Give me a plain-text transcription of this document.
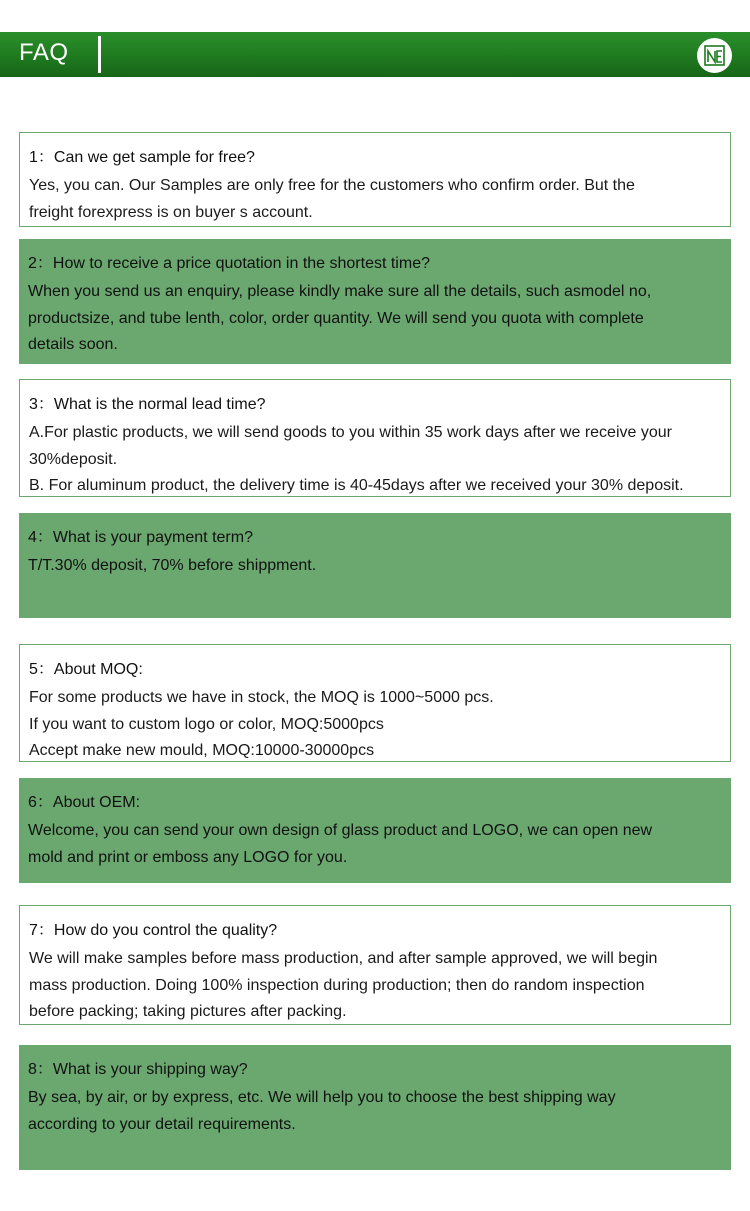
FAQ
1：Can we get sample for free?
Yes, you can. Our Samples are only free for the customers who confirm order. But the
freight forexpress is on buyer s account.
2：How to receive a price quotation in the shortest time?
When you send us an enquiry, please kindly make sure all the details, such asmodel no,
productsize, and tube lenth, color, order quantity. We will send you quota with complete
details soon.
3：What is the normal lead time?
A.For plastic products, we will send goods to you within 35 work days after we receive your
30%deposit.
B. For aluminum product, the delivery time is 40-45days after we received your 30% deposit.
4：What is your payment term?
T/T.30% deposit, 70% before shippment.
5：About MOQ:
For some products we have in stock, the MOQ is 1000~5000 pcs.
If you want to custom logo or color, MOQ:5000pcs
Accept make new mould, MOQ:10000-30000pcs
6：About OEM:
Welcome, you can send your own design of glass product and LOGO, we can open new
mold and print or emboss any LOGO for you.
7：How do you control the quality?
We will make samples before mass production, and after sample approved, we will begin
mass production. Doing 100% inspection during production; then do random inspection
before packing; taking pictures after packing.
8：What is your shipping way?
By sea, by air, or by express, etc. We will help you to choose the best shipping way
according to your detail requirements.
